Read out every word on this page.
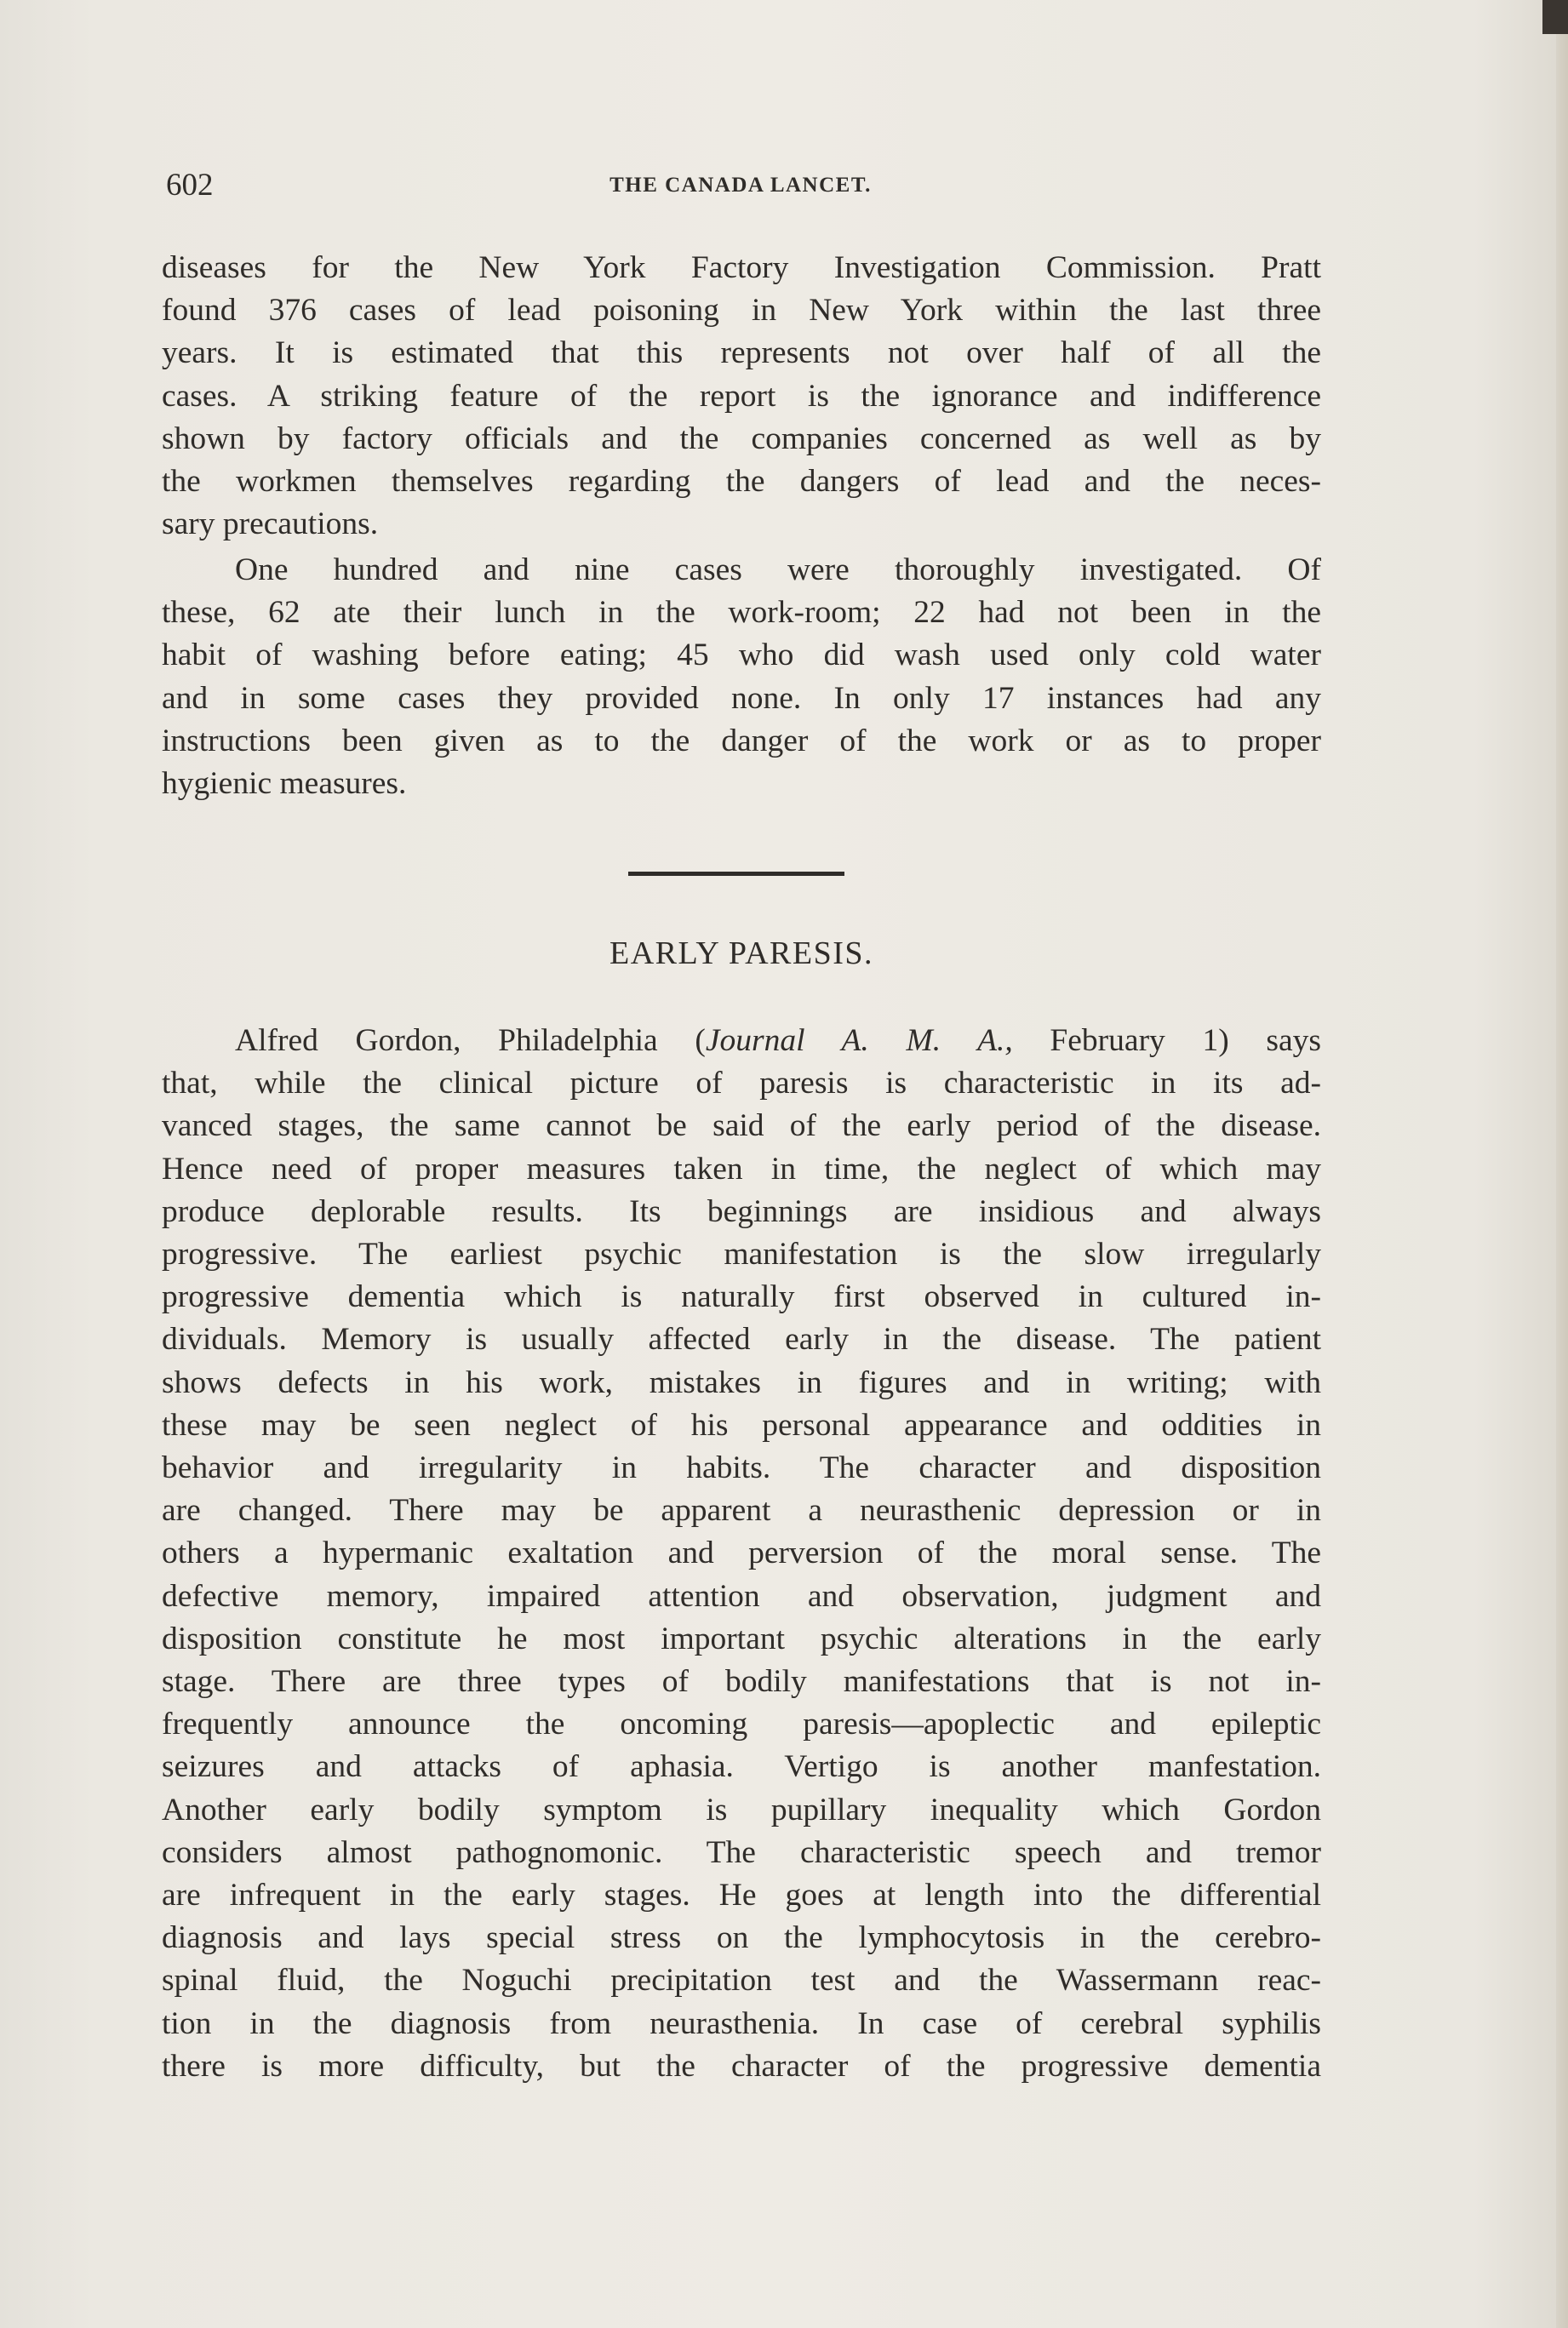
602	THE CANADA LANCET.
diseases for the New York Factory Investigation Commission. Pratt
found 376 cases of lead poisoning in New York within the last three
years. It is estimated that this represents not over half of all the
cases. A striking feature of the report is the ignorance and indifference
shown by factory officials and the companies concerned as well as by
the workmen themselves regarding the dangers of lead and the neces-
sary precautions.
One hundred and nine cases were thoroughly investigated. Of
these, 62 ate their lunch in the work-room; 22 had not been in the
habit of washing before eating; 45 who did wash used only cold water
and in some cases they provided none. In only 17 instances had any
instructions been given as to the danger of the work or as to proper
hygienic measures.
EARLY PARESIS.
Alfred Gordon, Philadelphia (Journal A. M. A., February 1) says
that, while the clinical picture of paresis is characteristic in its ad-
vanced stages, the same cannot be said of the early period of the disease.
Hence need of proper measures taken in time, the neglect of which may
produce deplorable results. Its beginnings are insidious and always
progressive. The earliest psychic manifestation is the slow irregularly
progressive dementia which is naturally first observed in cultured in-
dividuals. Memory is usually affected early in the disease. The patient
shows defects in his work, mistakes in figures and in writing; with
these may be seen neglect of his personal appearance and oddities in
behavior and irregularity in habits. The character and disposition
are changed. There may be apparent a neurasthenic depression or in
others a hypermanic exaltation and perversion of the moral sense. The
defective memory, impaired attention and observation, judgment and
disposition constitute he most important psychic alterations in the early
stage. There are three types of bodily manifestations that is not in-
frequently announce the oncoming paresis—apoplectic and epileptic
seizures and attacks of aphasia. Vertigo is another manfestation.
Another early bodily symptom is pupillary inequality which Gordon
considers almost pathognomonic. The characteristic speech and tremor
are infrequent in the early stages. He goes at length into the differential
diagnosis and lays special stress on the lymphocytosis in the cerebro-
spinal fluid, the Noguchi precipitation test and the Wassermann reac-
tion in the diagnosis from neurasthenia. In case of cerebral syphilis
there is more difficulty, but the character of the progressive dementia
